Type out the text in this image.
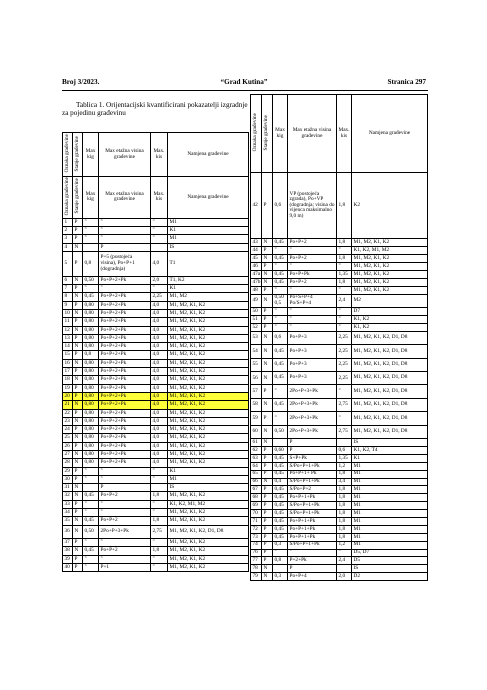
Broj 3/2023.	“Grad Kutina”	Stranica 297
Tablica 1. Orijentacijski kvantificirani pokazatelji izgradnje za pojedinu građevinu
Oznaka građevine	Stanje građevine	Max kig	Max etažna visina građevine	Max. kis	Namjena građevine
Oznaka građevine	Stanje građevine	Max kig	Max etažna visina građevine	Max. kis	Namjena građevine
1	P	"	"	"	M1
2	P	"	"	"	K1
3	P	"	"	"	M1
4	N		P		IS
5	P	0,8	P+5 (postojeća visina), Po+P+1 (dogradnja)	4,0	T1
6	N	0,50	Po+P+2+Pk	2,0	T1, K2
7	P	"	"	"	K1
8	N	0,45	Po+P+2+Pk	2,25	M1, M2
9	P	0,80	Po+P+2+Pk	4,0	M1, M2, K1, K2
10	N	0,80	Po+P+2+Pk	4,0	M1, M2, K1, K2
11	P	0,80	Po+P+2+Pk	4,0	M1, M2, K1, K2
12	N	0,80	Po+P+2+Pk	4,0	M1, M2, K1, K2
13	P	0,80	Po+P+2+Pk	4,0	M1, M2, K1, K2
14	N	0,80	Po+P+2+Pk	4,0	M1, M2, K1, K2
15	P	0,8	Po+P+2+Pk	4,0	M1, M2, K1, K2
16	N	0,80	Po+P+2+Pk	4,0	M1, M2, K1, K2
17	P	0,80	Po+P+2+Pk	4,0	M1, M2, K1, K2
18	N	0,80	Po+P+2+Pk	4,0	M1, M2, K1, K2
19	P	0,80	Po+P+2+Pk	4,0	M1, M2, K1, K2
20	P	0,80	Po+P+2+Pk	4,0	M1, M2, K1, K2
21	N	0,80	Po+P+2+Pk	4,0	M1, M2, K1, K2
22	P	0,80	Po+P+2+Pk	4,0	M1, M2, K1, K2
23	N	0,80	Po+P+2+Pk	4,0	M1, M2, K1, K2
24	P	0,80	Po+P+2+Pk	4,0	M1, M2, K1, K2
25	N	0,80	Po+P+2+Pk	4,0	M1, M2, K1, K2
26	P	0,80	Po+P+2+Pk	4,0	M1, M2, K1, K2
27	N	0,80	Po+P+2+Pk	4,0	M1, M2, K1, K2
28	N	0,80	Po+P+2+Pk	4,0	M1, M2, K1, K2
29	P	"	"	"	K1
30	P	"	"	"	M1
31	N		P		IS
32	N	0,45	Po+P+2	1,8	M1, M2, K1, K2
33	P	"	"	"	K1, K2, M1, M2
34	P	"	"	"	M1, M2, K1, K2
35	N	0,45	Po+P+2	1,8	M1, M2, K1, K2
36	N	0,50	2Po+P+3+Pk	2,75	M1, M2, K1, K2, D1, D8
37	P	"	"	"	M1, M2, K1, K2
38	N	0,45	Po+P+2	1,8	M1, M2, K1, K2
39	P	"	"	"	M1, M2, K1, K2
40	P	"	P+1	"	M1, M2, K1, K2
Oznaka građevine	Stanje građevine	Max kig	Max etažna visina građevine	Max. kis	Namjena građevine
42	P	0,6	VP (postojeća zgrada), Po+VP (dogradnja; visina do vijenca maksimalno 9,0 m)	1,8	K2
43	N	0,45	Po+P+2	1,8	M1, M2, K1, K2
44	P	"	"	"	K1, K2, M1, M2
45	N	0,45	Po+P+2	1,8	M1, M2, K1, K2
46	P	"	"	"	M1, M2, K1, K2
47a	N	0,45	Po+P+Pk	1,35	M1, M2, K1, K2
47b	N	0,45	Po+P+2	1,8	M1, M2, K1, K2
48	P	"	"	"	M1, M2, K1, K2
49	N	0,50 0,5	Po+S+P+4 Po/S+P+4	2,4	M2
50	P	"	"	"	D7
51	P	"	"	"	K1, K2
52	P	"	"	"	K1, K2
53	N	0,6	Po+P+3	2,25	M1, M2, K1, K2, D1, D8
54	N	0,45	Po+P+3	2,25	M1, M2, K1, K2, D1, D8
55	N	0,45	Po+P+3	2,25	M1, M2, K1, K2, D1, D8
56	N	0,45	Po+P+3	2,25	M1, M2, K1, K2, D1, D8
57	P	"	2Po+P+3+Pk	"	M1, M2, K1, K2, D1, D8
58	N	0,45	2Po+P+3+Pk	2,75	M1, M2, K1, K2, D1, D8
59	P	"	2Po+P+3+Pk	"	M1, M2, K1, K2, D1, D8
60	N	0,50	2Po+P+3+Pk	2,75	M1, M2, K1, K2, D1, D8
61	N		P		IS
62	P	0,60	P	0,6	K1, K2, T4
63	P	0,45	S+P+Pk	1,35	K1
64	P	0,45	S/Po+P+1+Pk	1,2	M1
65	P	0,45	Po+P+1+ Pk	1,8	M1
66	N	0,4	S/Po+P+1+Pk	3,4	M1
67	P	0,45	S/Po+P+2	1,8	M1
68	P	0,45	Po+P+1+Pk	1,8	M1
69	P	0,45	S/Po+P+1+Pk	1,8	M1
70	P	0,45	S/Po+P+1+Pk	1,8	M1
71	P	0,45	Po+P+1+Pk	1,8	M1
72	P	0,45	Po+P+1+Pk	1,8	M1
73	P	0,45	Po+P+1+Pk	1,8	M1
74	P	0,3	S/Po+P+1+Pk	1,2	M1
76	P	"	"	"	D5, D7
77	P	0,8	P+2+Pk	2,4	D5
78	N		P		IS
79	N	0,3	Po+P+4	2,0	D2
